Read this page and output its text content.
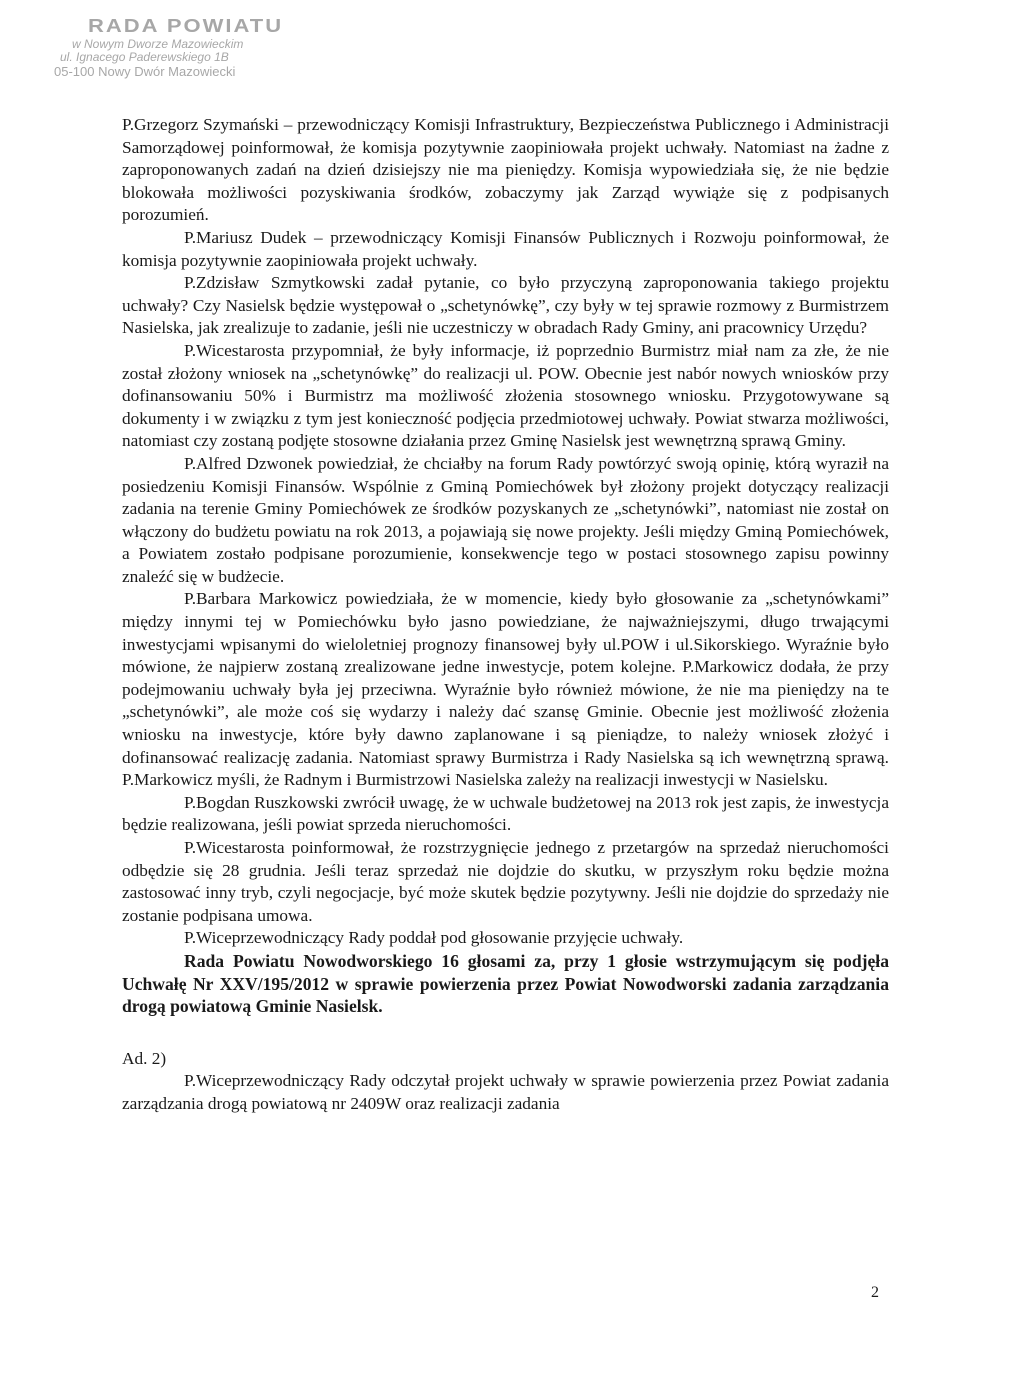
RADA POWIATU
w Nowym Dworze Mazowieckim
ul. Ignacego Paderewskiego 1B
05-100 Nowy Dwór Mazowiecki

P.Grzegorz Szymański – przewodniczący Komisji Infrastruktury, Bezpieczeństwa Publicznego i Administracji Samorządowej poinformował, że komisja pozytywnie zaopiniowała projekt uchwały. Natomiast na żadne z zaproponowanych zadań na dzień dzisiejszy nie ma pieniędzy. Komisja wypowiedziała się, że nie będzie blokowała możliwości pozyskiwania środków, zobaczymy jak Zarząd wywiąże się z podpisanych porozumień.

P.Mariusz Dudek – przewodniczący Komisji Finansów Publicznych i Rozwoju poinformował, że komisja pozytywnie zaopiniowała projekt uchwały.

P.Zdzisław Szmytkowski zadał pytanie, co było przyczyną zaproponowania takiego projektu uchwały? Czy Nasielsk będzie występował o „schetynówkę”, czy były w tej sprawie rozmowy z Burmistrzem Nasielska, jak zrealizuje to zadanie, jeśli nie uczestniczy w obradach Rady Gminy, ani pracownicy Urzędu?

P.Wicestarosta przypomniał, że były informacje, iż poprzednio Burmistrz miał nam za złe, że nie został złożony wniosek na „schetynówkę” do realizacji ul. POW. Obecnie jest nabór nowych wniosków przy dofinansowaniu 50% i Burmistrz ma możliwość złożenia stosownego wniosku. Przygotowywane są dokumenty i w związku z tym jest konieczność podjęcia przedmiotowej uchwały. Powiat stwarza możliwości, natomiast czy zostaną podjęte stosowne działania przez Gminę Nasielsk jest wewnętrzną sprawą Gminy.

P.Alfred Dzwonek powiedział, że chciałby na forum Rady powtórzyć swoją opinię, którą wyraził na posiedzeniu Komisji Finansów. Wspólnie z Gminą Pomiechówek był złożony projekt dotyczący realizacji zadania na terenie Gminy Pomiechówek ze środków pozyskanych ze „schetynówki”, natomiast nie został on włączony do budżetu powiatu na rok 2013, a pojawiają się nowe projekty. Jeśli między Gminą Pomiechówek, a Powiatem zostało podpisane porozumienie, konsekwencje tego w postaci stosownego zapisu powinny znaleźć się w budżecie.

P.Barbara Markowicz powiedziała, że w momencie, kiedy było głosowanie za „schetynówkami” między innymi tej w Pomiechówku było jasno powiedziane, że najważniejszymi, długo trwającymi inwestycjami wpisanymi do wieloletniej prognozy finansowej były ul.POW i ul.Sikorskiego. Wyraźnie było mówione, że najpierw zostaną zrealizowane jedne inwestycje, potem kolejne. P.Markowicz dodała, że przy podejmowaniu uchwały była jej przeciwna. Wyraźnie było również mówione, że nie ma pieniędzy na te „schetynówki”, ale może coś się wydarzy i należy dać szansę Gminie. Obecnie jest możliwość złożenia wniosku na inwestycje, które były dawno zaplanowane i są pieniądze, to należy wniosek złożyć i dofinansować realizację zadania. Natomiast sprawy Burmistrza i Rady Nasielska są ich wewnętrzną sprawą. P.Markowicz myśli, że Radnym i Burmistrzowi Nasielska zależy na realizacji inwestycji w Nasielsku.

P.Bogdan Ruszkowski zwrócił uwagę, że w uchwale budżetowej na 2013 rok jest zapis, że inwestycja będzie realizowana, jeśli powiat sprzeda nieruchomości.

P.Wicestarosta poinformował, że rozstrzygnięcie jednego z przetargów na sprzedaż nieruchomości odbędzie się 28 grudnia. Jeśli teraz sprzedaż nie dojdzie do skutku, w przyszłym roku będzie można zastosować inny tryb, czyli negocjacje, być może skutek będzie pozytywny. Jeśli nie dojdzie do sprzedaży nie zostanie podpisana umowa.

P.Wiceprzewodniczący Rady poddał pod głosowanie przyjęcie uchwały.

Rada Powiatu Nowodworskiego 16 głosami za, przy 1 głosie wstrzymującym się podjęła Uchwałę Nr XXV/195/2012 w sprawie powierzenia przez Powiat Nowodworski zadania zarządzania drogą powiatową Gminie Nasielsk.

Ad. 2)

P.Wiceprzewodniczący Rady odczytał projekt uchwały w sprawie powierzenia przez Powiat zadania zarządzania drogą powiatową nr 2409W oraz realizacji zadania

2
